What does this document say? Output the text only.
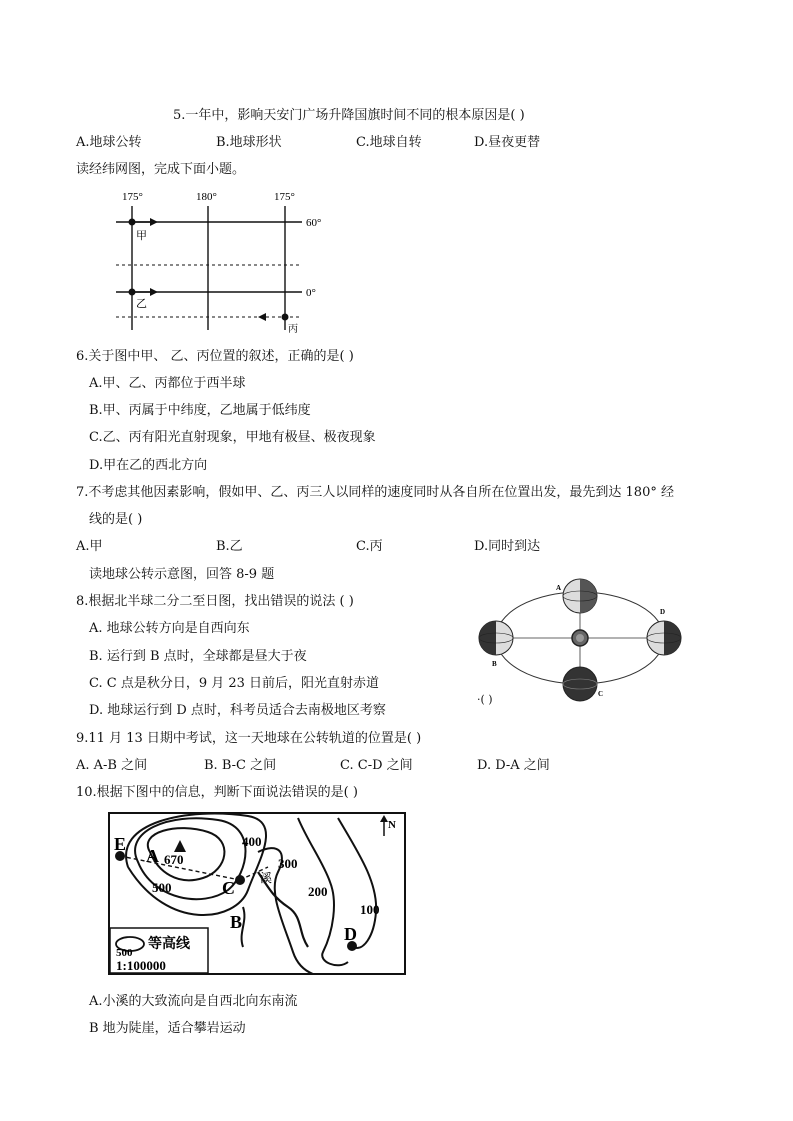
5.一年中，影响天安门广场升降国旗时间不同的根本原因是( )
A.地球公转	B.地球形状	C.地球自转	D.昼夜更替
读经纬网图，完成下面小题。
175°	180°	175°
60°
0°
甲
乙
丙
6.关于图中甲、 乙、丙位置的叙述，正确的是( )
A.甲、乙、丙都位于西半球
B.甲、丙属于中纬度，乙地属于低纬度
C.乙、丙有阳光直射现象，甲地有极昼、极夜现象
D.甲在乙的西北方向
7.不考虑其他因素影响，假如甲、乙、丙三人以同样的速度同时从各自所在位置出发，最先到达 180° 经
线的是( )
A.甲	B.乙	C.丙	D.同时到达
读地球公转示意图，回答 8-9 题
8.根据北半球二分二至日图，找出错误的说法 ( )
A. 地球公转方向是自西向东
B. 运行到 B 点时，全球都是昼大于夜
C. C 点是秋分日，9 月 23 日前后，阳光直射赤道
D. 地球运行到 D 点时，科考员适合去南极地区考察
A
B
C
D
·( )
9.11 月 13 日期中考试，这一天地球在公转轨道的位置是( )
A. A-B 之间	B. B-C 之间	C. C-D 之间	D. D-A 之间
10.根据下图中的信息，判断下面说法错误的是( )
E
A
C
B
D
670
500
400
300
200
100
溪
N
500
等高线
1:100000
A.小溪的大致流向是自西北向东南流
B 地为陡崖，适合攀岩运动
